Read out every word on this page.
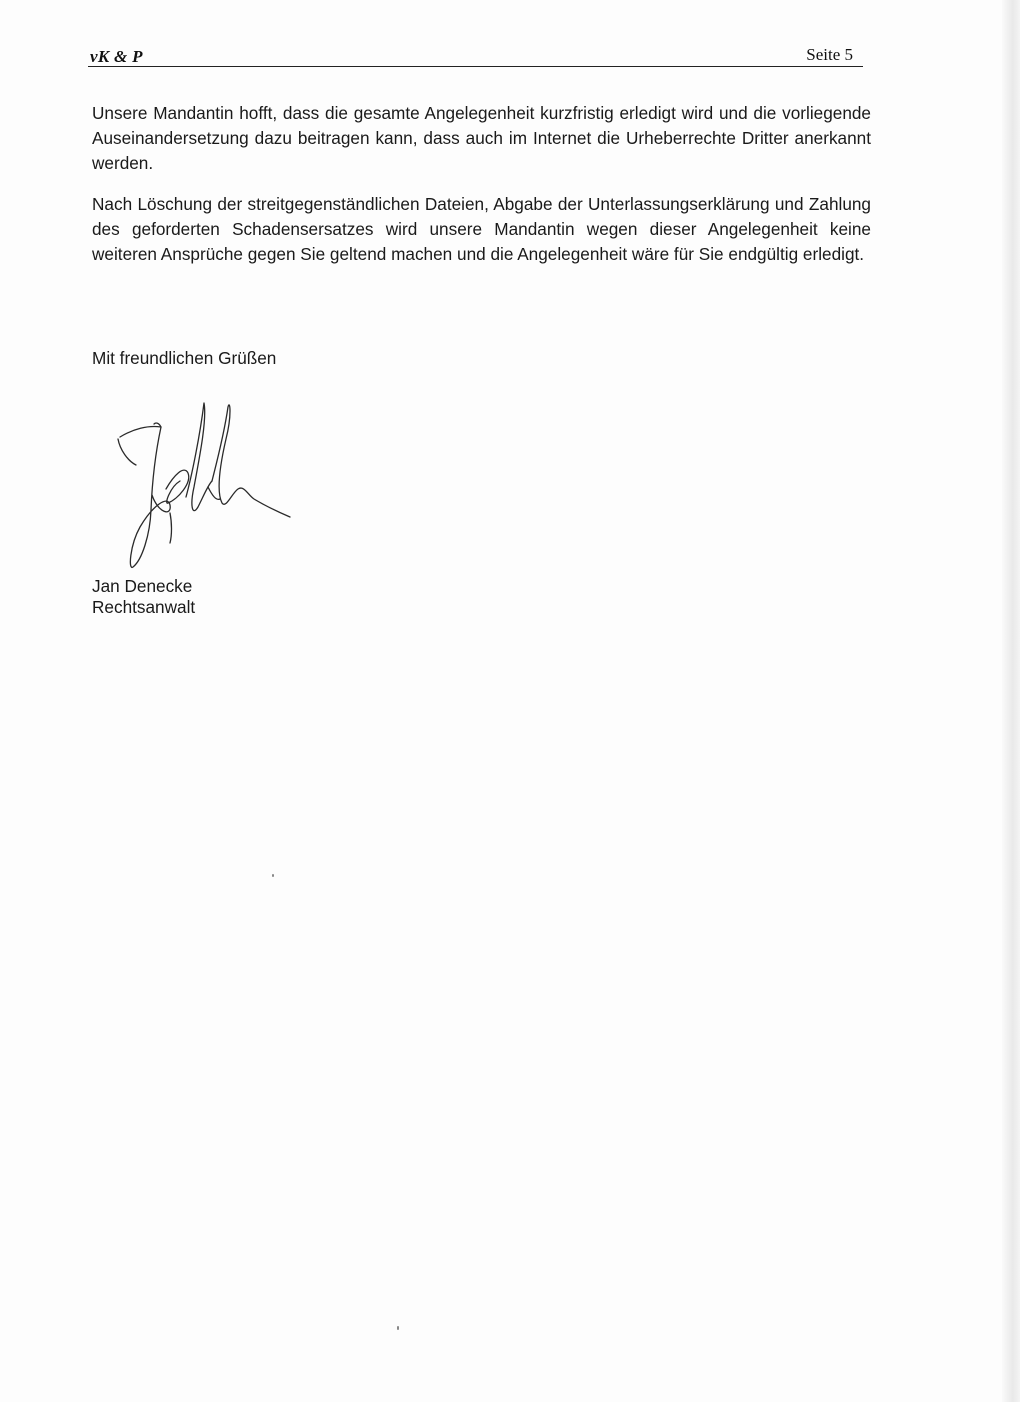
vK & P	Seite 5

Unsere Mandantin hofft, dass die gesamte Angelegenheit kurzfristig erledigt wird und die vorliegende Auseinandersetzung dazu beitragen kann, dass auch im Internet die Urheberrechte Dritter anerkannt werden.

Nach Löschung der streitgegenständlichen Dateien, Abgabe der Unterlassungserklärung und Zahlung des geforderten Schadensersatzes wird unsere Mandantin wegen dieser Angelegenheit keine weiteren Ansprüche gegen Sie geltend machen und die Angelegenheit wäre für Sie endgültig erledigt.

Mit freundlichen Grüßen

Jan Denecke
Rechtsanwalt
